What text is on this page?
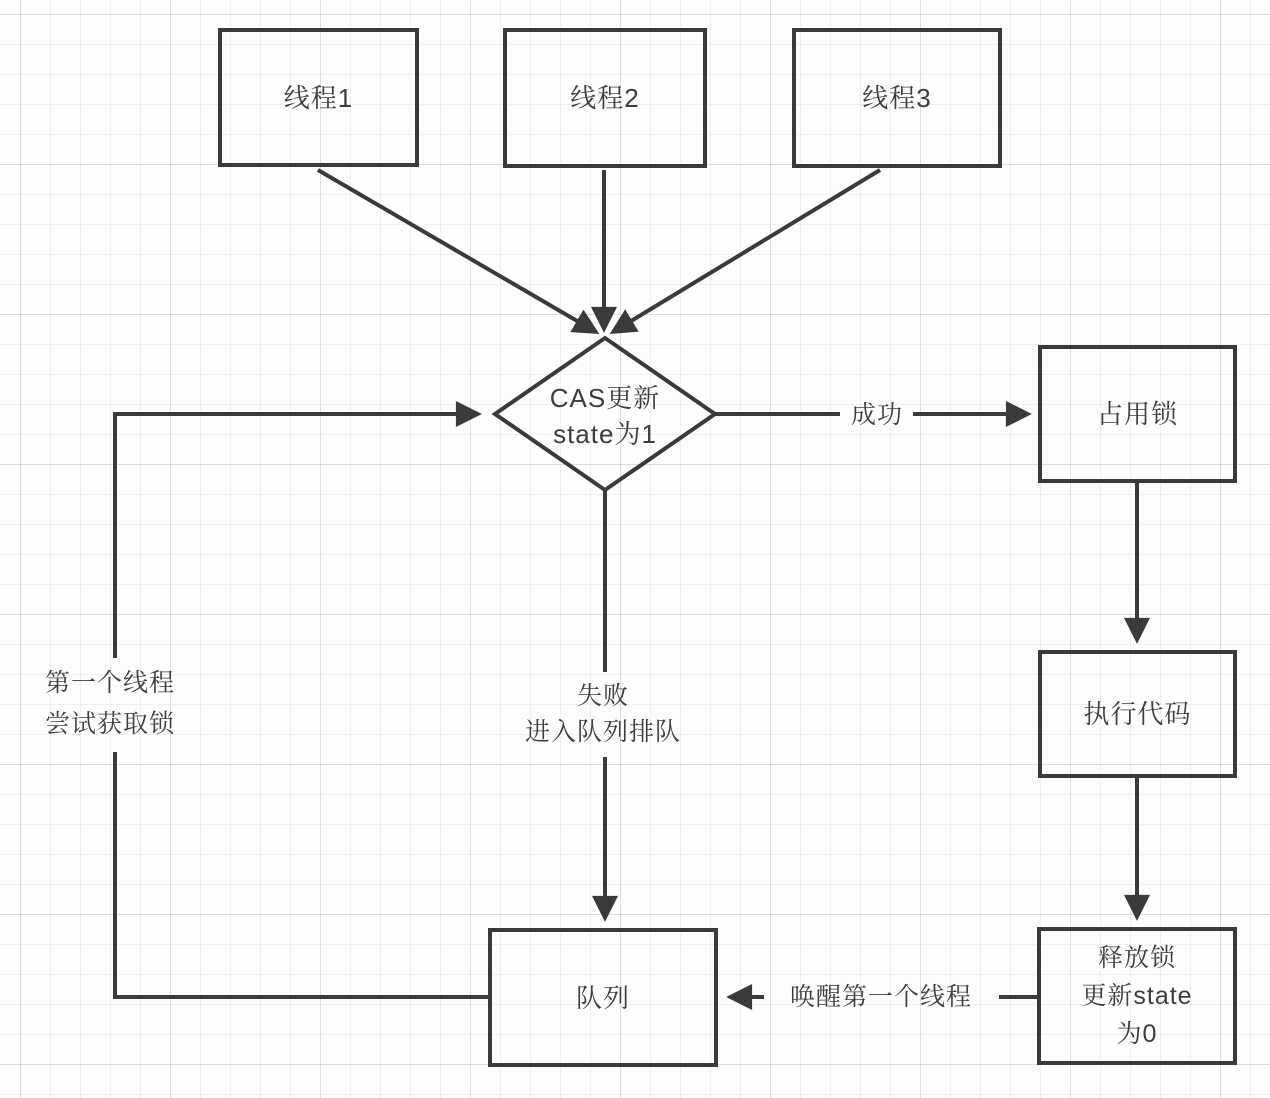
线程1	线程2	线程3
CAS更新
state为1
占用锁
执行代码
释放锁
更新state
为0
队列
成功
失败
进入队列排队
第一个线程
尝试获取锁
唤醒第一个线程
